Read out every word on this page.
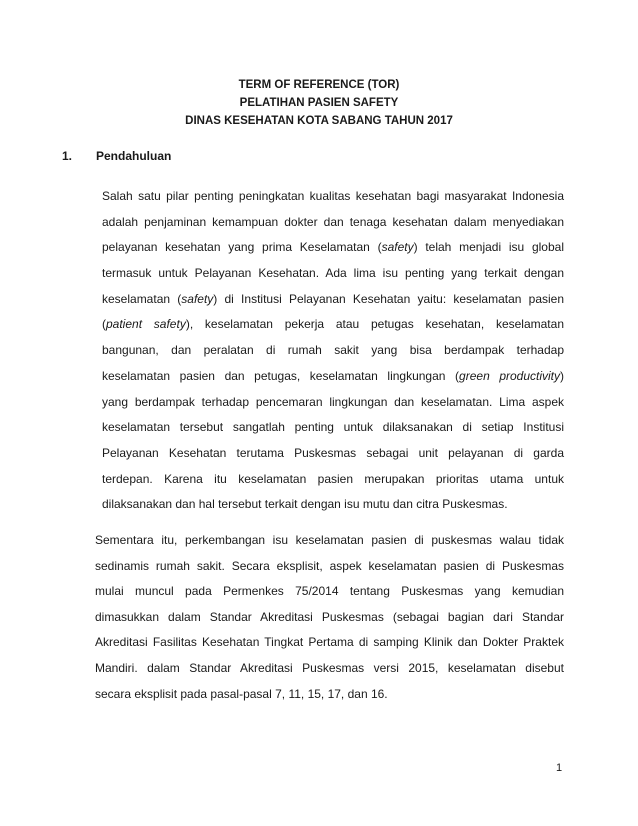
TERM OF REFERENCE (TOR)
PELATIHAN PASIEN SAFETY
DINAS KESEHATAN KOTA SABANG TAHUN 2017
1. Pendahuluan
Salah satu pilar penting peningkatan kualitas kesehatan bagi masyarakat Indonesia
adalah penjaminan kemampuan dokter dan tenaga kesehatan dalam menyediakan
pelayanan kesehatan yang prima Keselamatan (safety) telah menjadi isu global
termasuk untuk Pelayanan Kesehatan. Ada lima isu penting yang terkait dengan
keselamatan (safety) di Institusi Pelayanan Kesehatan yaitu: keselamatan pasien
(patient safety), keselamatan pekerja atau petugas kesehatan, keselamatan
bangunan, dan peralatan di rumah sakit yang bisa berdampak terhadap
keselamatan pasien dan petugas, keselamatan lingkungan (green productivity)
yang berdampak terhadap pencemaran lingkungan dan keselamatan. Lima aspek
keselamatan tersebut sangatlah penting untuk dilaksanakan di setiap Institusi
Pelayanan Kesehatan terutama Puskesmas sebagai unit pelayanan di garda
terdepan. Karena itu keselamatan pasien merupakan prioritas utama untuk
dilaksanakan dan hal tersebut terkait dengan isu mutu dan citra Puskesmas.
Sementara itu, perkembangan isu keselamatan pasien di puskesmas walau tidak
sedinamis rumah sakit. Secara eksplisit, aspek keselamatan pasien di Puskesmas
mulai muncul pada Permenkes 75/2014 tentang Puskesmas yang kemudian
dimasukkan dalam Standar Akreditasi Puskesmas (sebagai bagian dari Standar
Akreditasi Fasilitas Kesehatan Tingkat Pertama di samping Klinik dan Dokter Praktek
Mandiri. dalam Standar Akreditasi Puskesmas versi 2015, keselamatan disebut
secara eksplisit pada pasal-pasal 7, 11, 15, 17, dan 16.
1
